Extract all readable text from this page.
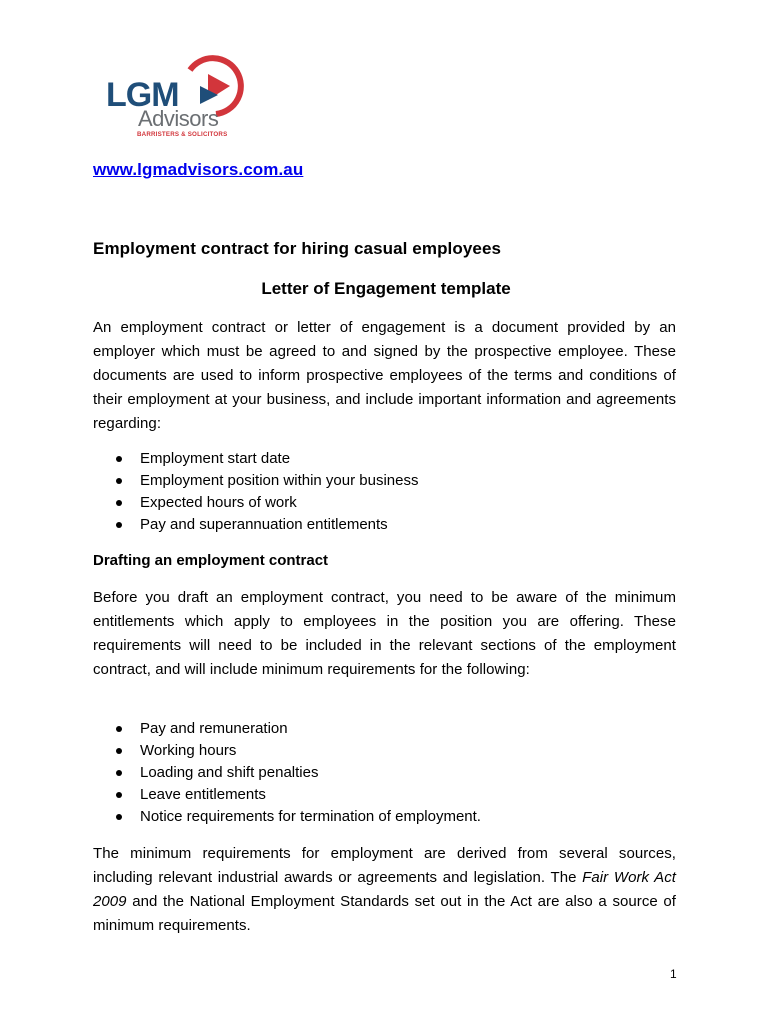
LGM
Advisors
BARRISTERS & SOLICITORS
www.lgmadvisors.com.au
Employment contract for hiring casual employees
Letter of Engagement template

An employment contract or letter of engagement is a document provided by an employer which must be agreed to and signed by the prospective employee. These documents are used to inform prospective employees of the terms and conditions of their employment at your business, and include important information and agreements regarding:

Employment start date
Employment position within your business
Expected hours of work
Pay and superannuation entitlements
Drafting an employment contract

Before you draft an employment contract, you need to be aware of the minimum entitlements which apply to employees in the position you are offering. These requirements will need to be included in the relevant sections of the employment contract, and will include minimum requirements for the following:

Pay and remuneration
Working hours
Loading and shift penalties
Leave entitlements
Notice requirements for termination of employment.

The minimum requirements for employment are derived from several sources, including relevant industrial awards or agreements and legislation. The Fair Work Act 2009 and the National Employment Standards set out in the Act are also a source of minimum requirements.

1
